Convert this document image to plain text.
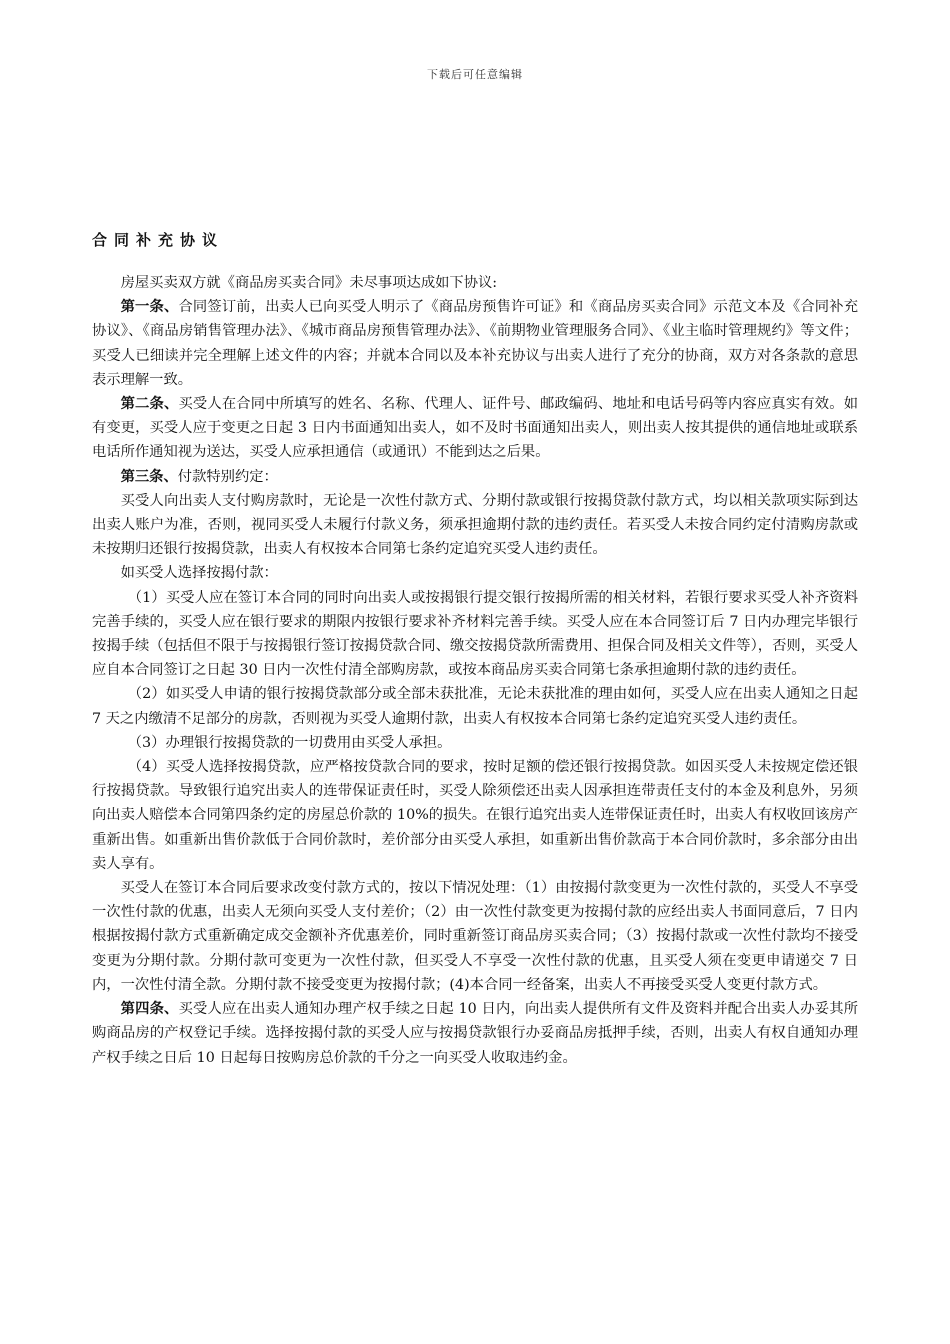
下载后可任意编辑
合同补充协议

房屋买卖双方就《商品房买卖合同》未尽事项达成如下协议:

第一条、合同签订前，出卖人已向买受人明示了《商品房预售许可证》和《商品房买卖合同》示范文本及《合同补充协议》、《商品房销售管理办法》、《城市商品房预售管理办法》、《前期物业管理服务合同》、《业主临时管理规约》等文件；买受人已细读并完全理解上述文件的内容；并就本合同以及本补充协议与出卖人进行了充分的协商，双方对各条款的意思表示理解一致。

第二条、买受人在合同中所填写的姓名、名称、代理人、证件号、邮政编码、地址和电话号码等内容应真实有效。如有变更，买受人应于变更之日起 3 日内书面通知出卖人，如不及时书面通知出卖人，则出卖人按其提供的通信地址或联系电话所作通知视为送达，买受人应承担通信（或通讯）不能到达之后果。

第三条、付款特别约定：

买受人向出卖人支付购房款时，无论是一次性付款方式、分期付款或银行按揭贷款付款方式，均以相关款项实际到达出卖人账户为准，否则，视同买受人未履行付款义务，须承担逾期付款的违约责任。若买受人未按合同约定付清购房款或未按期归还银行按揭贷款，出卖人有权按本合同第七条约定追究买受人违约责任。

如买受人选择按揭付款：

（1）买受人应在签订本合同的同时向出卖人或按揭银行提交银行按揭所需的相关材料，若银行要求买受人补齐资料完善手续的，买受人应在银行要求的期限内按银行要求补齐材料完善手续。买受人应在本合同签订后 7 日内办理完毕银行按揭手续（包括但不限于与按揭银行签订按揭贷款合同、缴交按揭贷款所需费用、担保合同及相关文件等），否则，买受人应自本合同签订之日起 30 日内一次性付清全部购房款，或按本商品房买卖合同第七条承担逾期付款的违约责任。

（2）如买受人申请的银行按揭贷款部分或全部未获批准，无论未获批准的理由如何，买受人应在出卖人通知之日起 7 天之内缴清不足部分的房款，否则视为买受人逾期付款，出卖人有权按本合同第七条约定追究买受人违约责任。

（3）办理银行按揭贷款的一切费用由买受人承担。

（4）买受人选择按揭贷款，应严格按贷款合同的要求，按时足额的偿还银行按揭贷款。如因买受人未按规定偿还银行按揭贷款。导致银行追究出卖人的连带保证责任时，买受人除须偿还出卖人因承担连带责任支付的本金及利息外，另须向出卖人赔偿本合同第四条约定的房屋总价款的 10%的损失。在银行追究出卖人连带保证责任时，出卖人有权收回该房产重新出售。如重新出售价款低于合同价款时，差价部分由买受人承担，如重新出售价款高于本合同价款时，多余部分由出卖人享有。

买受人在签订本合同后要求改变付款方式的，按以下情况处理：（1）由按揭付款变更为一次性付款的，买受人不享受一次性付款的优惠，出卖人无须向买受人支付差价；（2）由一次性付款变更为按揭付款的应经出卖人书面同意后，7 日内根据按揭付款方式重新确定成交金额补齐优惠差价，同时重新签订商品房买卖合同；（3）按揭付款或一次性付款均不接受变更为分期付款。分期付款可变更为一次性付款，但买受人不享受一次性付款的优惠，且买受人须在变更申请递交 7 日内，一次性付清全款。分期付款不接受变更为按揭付款；(4)本合同一经备案，出卖人不再接受买受人变更付款方式。

第四条、买受人应在出卖人通知办理产权手续之日起 10 日内，向出卖人提供所有文件及资料并配合出卖人办妥其所购商品房的产权登记手续。选择按揭付款的买受人应与按揭贷款银行办妥商品房抵押手续，否则，出卖人有权自通知办理产权手续之日后 10 日起每日按购房总价款的千分之一向买受人收取违约金。
